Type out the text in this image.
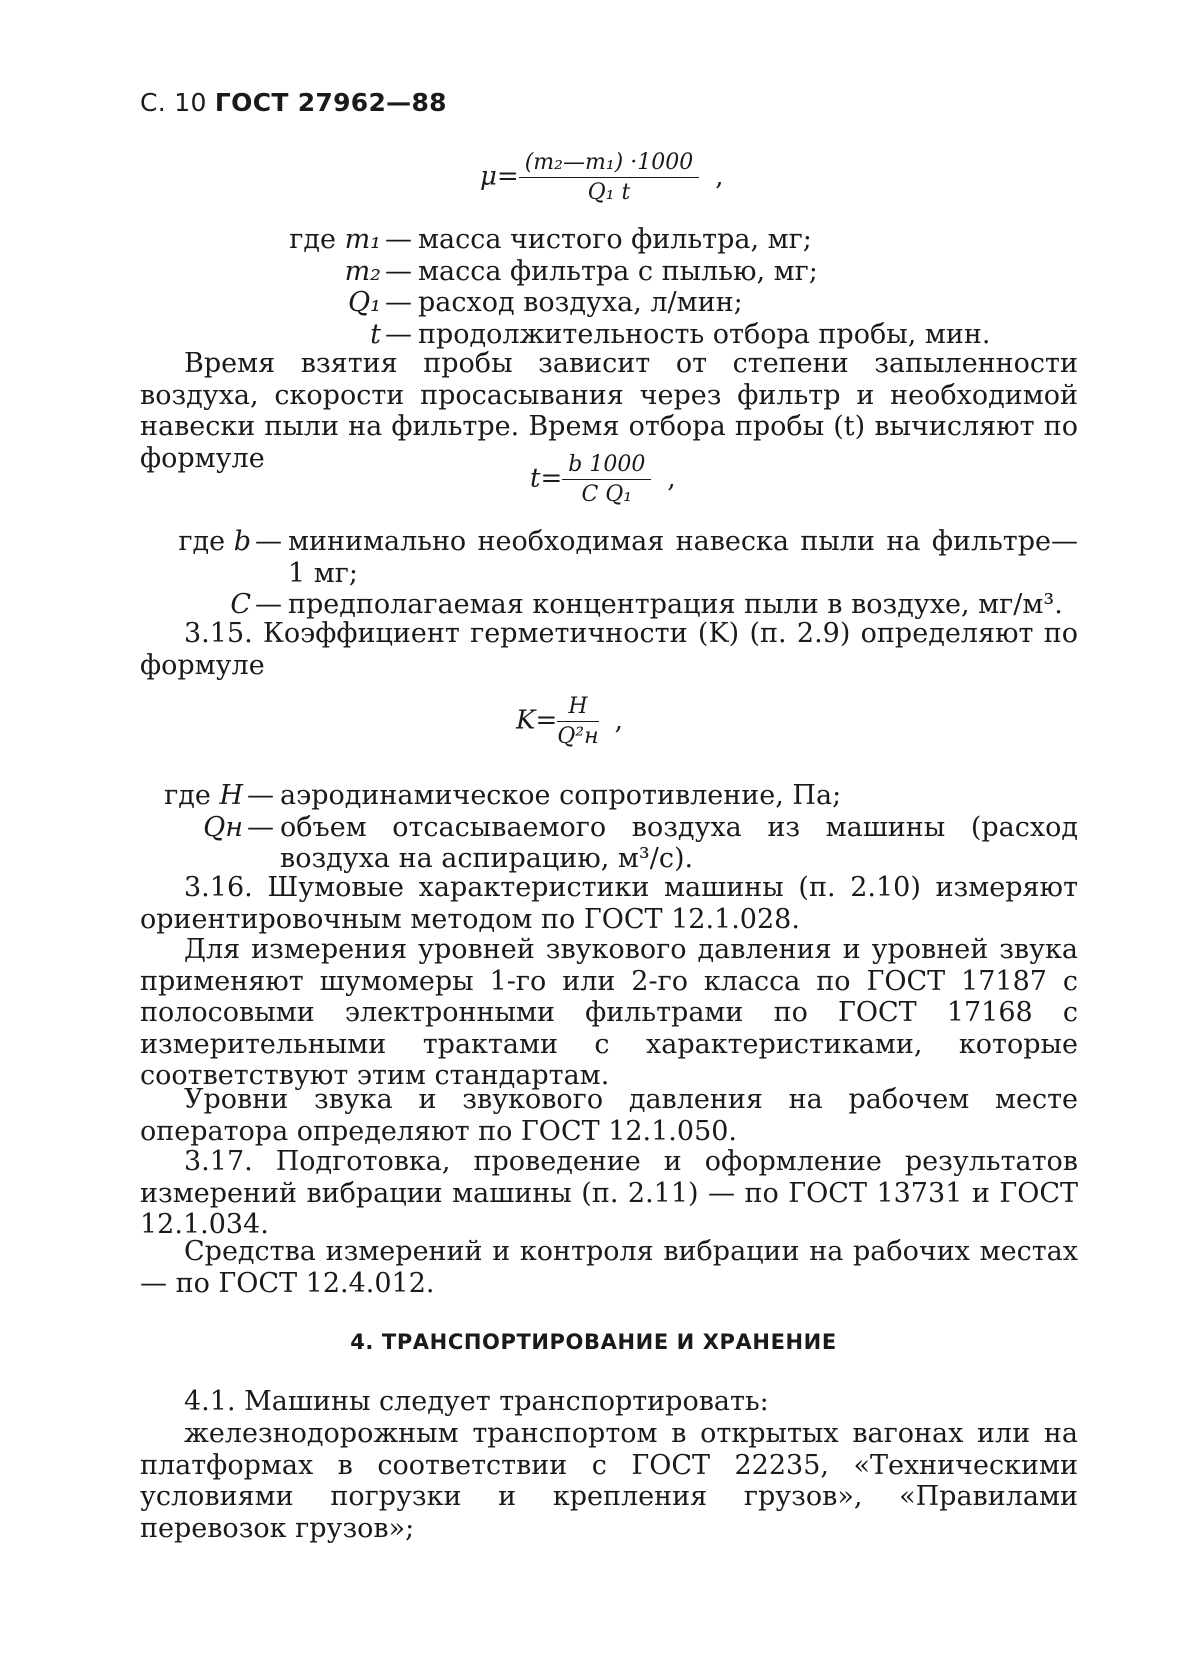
С. 10 ГОСТ 27962—88
$\mu= \frac{\text{(m₂—m₁) ·1000}}{\text{Q₁ t}}$ ,
где m₁ — масса чистого фильтра, мг;
m₂ — масса фильтра с пылью, мг;
Q₁ — расход воздуха, л/мин;
t — продолжительность отбора пробы, мин.
Время взятия пробы зависит от степени запыленности воздуха, скорости просасывания через фильтр и необходимой навески пыли на фильтре. Время отбора пробы (t) вычисляют по формуле
$t= \frac{b 1000}{\text{C Q₁}}$ ,
где b — минимально необходимая навеска пыли на фильтре— 1 мг;
C — предполагаемая концентрация пыли в воздухе, мг/м³.
3.15. Коэффициент герметичности (K) (п. 2.9) определяют по формуле
$K= \frac{H}{\text{Q²н}}$ ,
где H — аэродинамическое сопротивление, Па;
Qн — объем отсасываемого воздуха из машины (расход воздуха на аспирацию, м³/с).
3.16. Шумовые характеристики машины (п. 2.10) измеряют ориентировочным методом по ГОСТ 12.1.028.
Для измерения уровней звукового давления и уровней звука применяют шумомеры 1-го или 2-го класса по ГОСТ 17187 с полосовыми электронными фильтрами по ГОСТ 17168 с измерительными трактами с характеристиками, которые соответствуют этим стандартам.
Уровни звука и звукового давления на рабочем месте оператора определяют по ГОСТ 12.1.050.
3.17. Подготовка, проведение и оформление результатов измерений вибрации машины (п. 2.11) — по ГОСТ 13731 и ГОСТ 12.1.034.
Средства измерений и контроля вибрации на рабочих местах — по ГОСТ 12.4.012.
4. ТРАНСПОРТИРОВАНИЕ И ХРАНЕНИЕ
4.1. Машины следует транспортировать:
железнодорожным транспортом в открытых вагонах или на платформах в соответствии с ГОСТ 22235, «Техническими условиями погрузки и крепления грузов», «Правилами перевозок грузов»;
